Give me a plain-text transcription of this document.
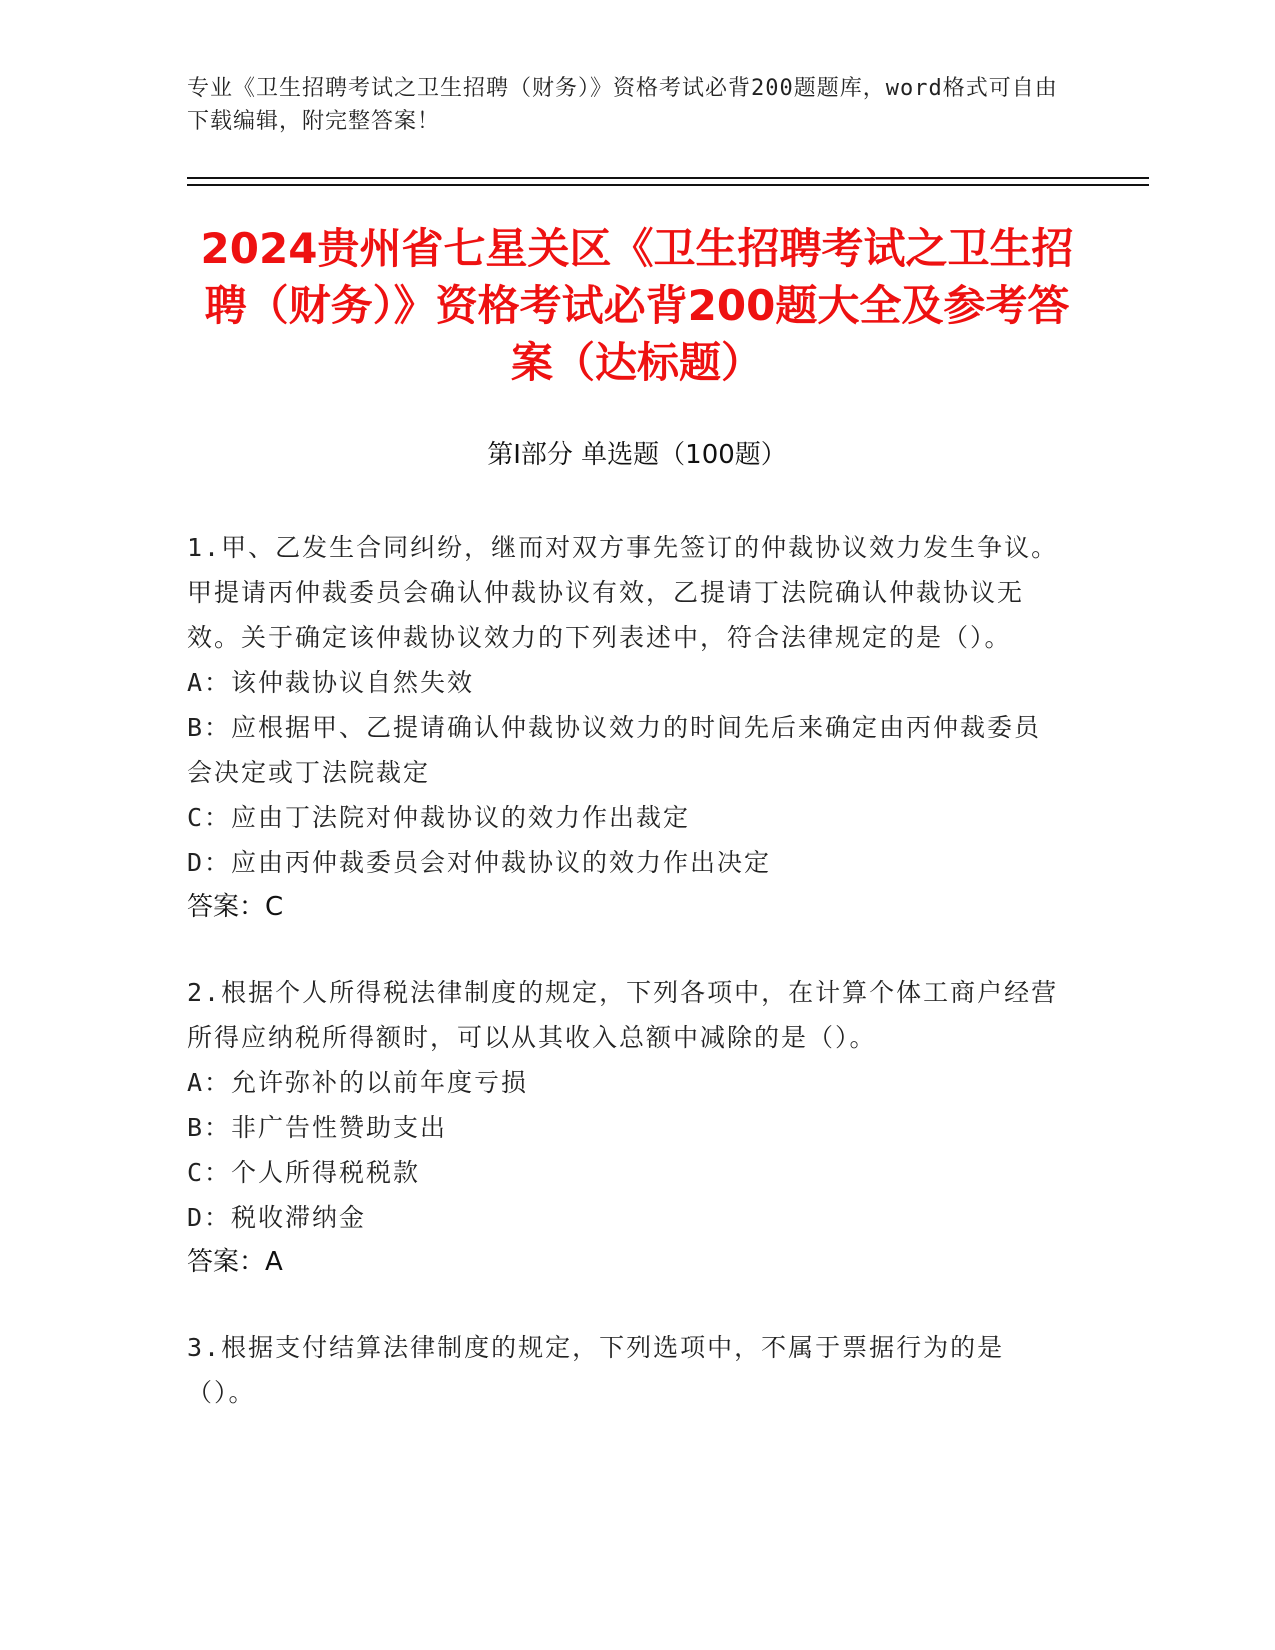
专业《卫生招聘考试之卫生招聘（财务）》资格考试必背200题题库，word格式可自由下载编辑，附完整答案！
2024贵州省七星关区《卫生招聘考试之卫生招聘（财务）》资格考试必背200题大全及参考答案（达标题）
第Ⅰ部分 单选题（100题）

1.甲、乙发生合同纠纷，继而对双方事先签订的仲裁协议效力发生争议。甲提请丙仲裁委员会确认仲裁协议有效，乙提请丁法院确认仲裁协议无效。关于确定该仲裁协议效力的下列表述中，符合法律规定的是（）。

A：该仲裁协议自然失效

B：应根据甲、乙提请确认仲裁协议效力的时间先后来确定由丙仲裁委员会决定或丁法院裁定

C：应由丁法院对仲裁协议的效力作出裁定

D：应由丙仲裁委员会对仲裁协议的效力作出决定

答案：C

2.根据个人所得税法律制度的规定，下列各项中，在计算个体工商户经营所得应纳税所得额时，可以从其收入总额中减除的是（）。

A：允许弥补的以前年度亏损

B：非广告性赞助支出

C：个人所得税税款

D：税收滞纳金

答案：A

3.根据支付结算法律制度的规定，下列选项中，不属于票据行为的是（）。
